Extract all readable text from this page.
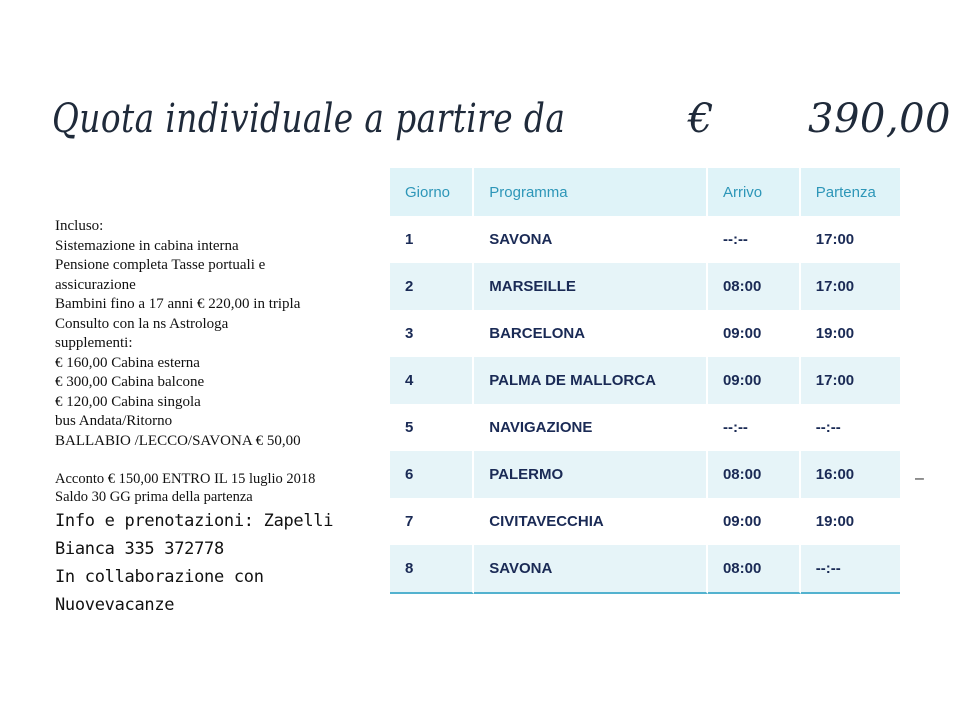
Quota individuale a partire da	€ 390,00
Incluso:
Sistemazione in cabina interna
Pensione completa Tasse portuali e
assicurazione
Bambini fino a 17 anni € 220,00 in tripla
Consulto con la ns Astrologa
supplementi:
€ 160,00 Cabina esterna
€ 300,00 Cabina balcone
€ 120,00 Cabina singola
bus Andata/Ritorno
BALLABIO /LECCO/SAVONA € 50,00
Acconto € 150,00 ENTRO IL 15 luglio 2018
Saldo 30 GG prima della partenza
Info e prenotazioni: Zapelli
Bianca 335 372778
In collaborazione con
Nuovevacanze
Giorno	Programma	Arrivo	Partenza
1	SAVONA	--:--	17:00
2	MARSEILLE	08:00	17:00
3	BARCELONA	09:00	19:00
4	PALMA DE MALLORCA	09:00	17:00
5	NAVIGAZIONE	--:--	--:--
6	PALERMO	08:00	16:00
7	CIVITAVECCHIA	09:00	19:00
8	SAVONA	08:00	--:--
–
